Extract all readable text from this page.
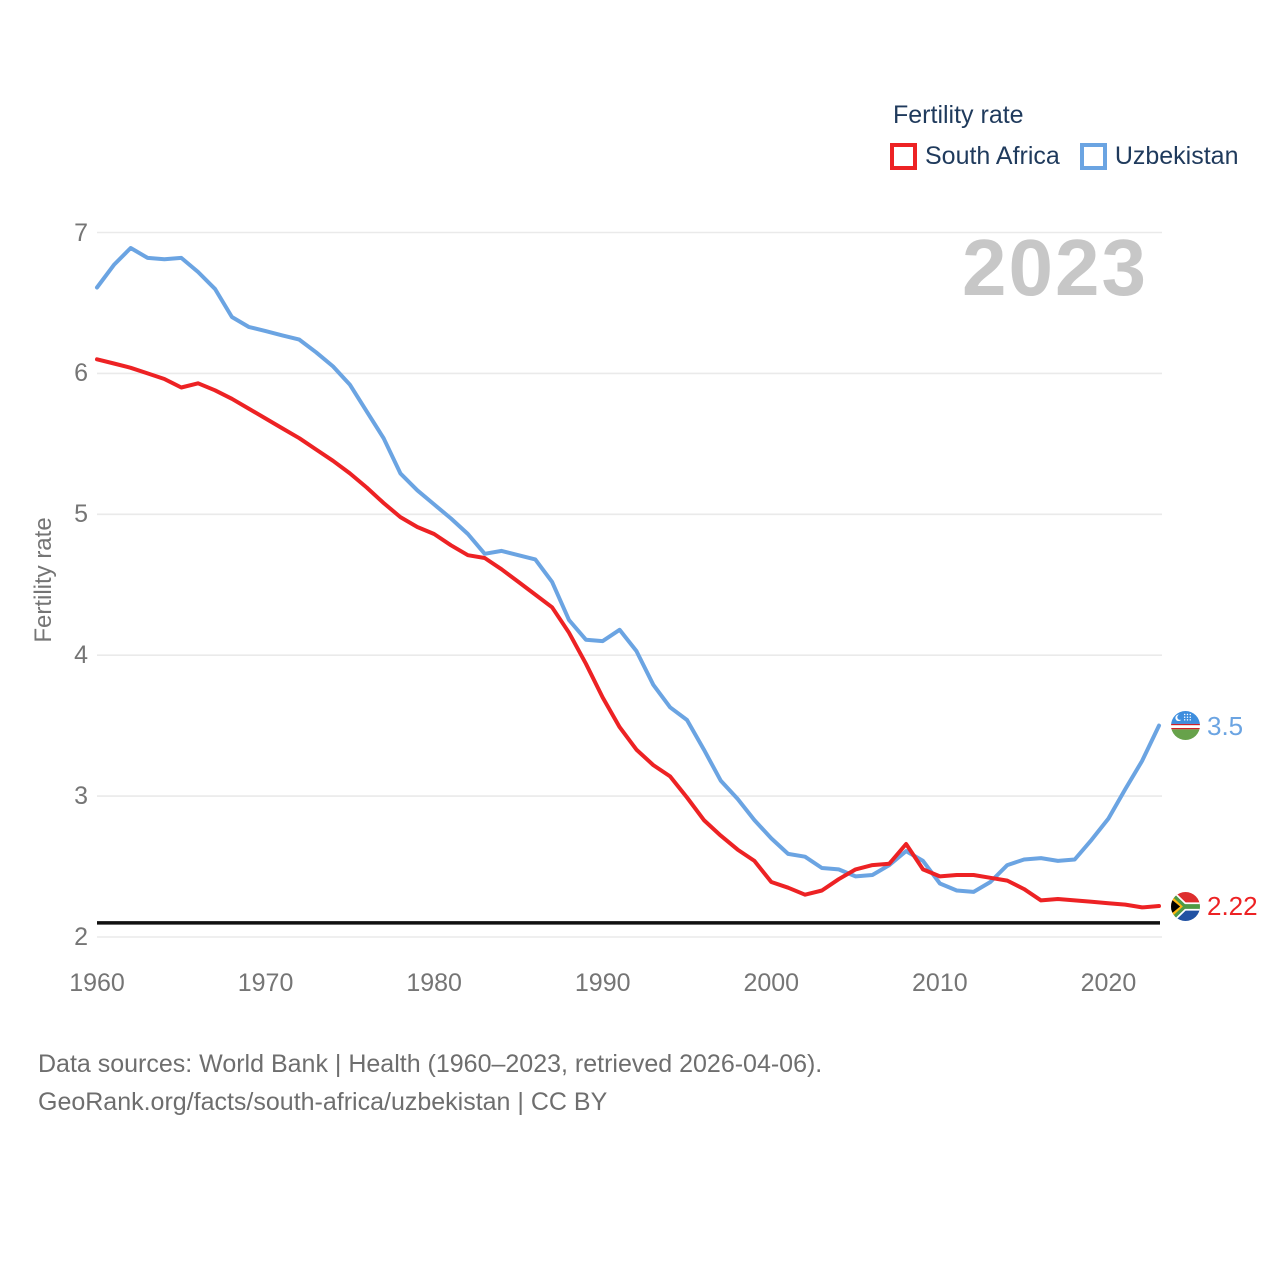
2023
Fertility rate
South Africa Uzbekistan
Fertility rate
7
6
5
4
3
2
1960	1970	1980	1990	2000	2010	2020
3.5
2.22
Data sources: World Bank | Health (1960–2023, retrieved 2026-04-06).
GeoRank.org/facts/south-africa/uzbekistan | CC BY
